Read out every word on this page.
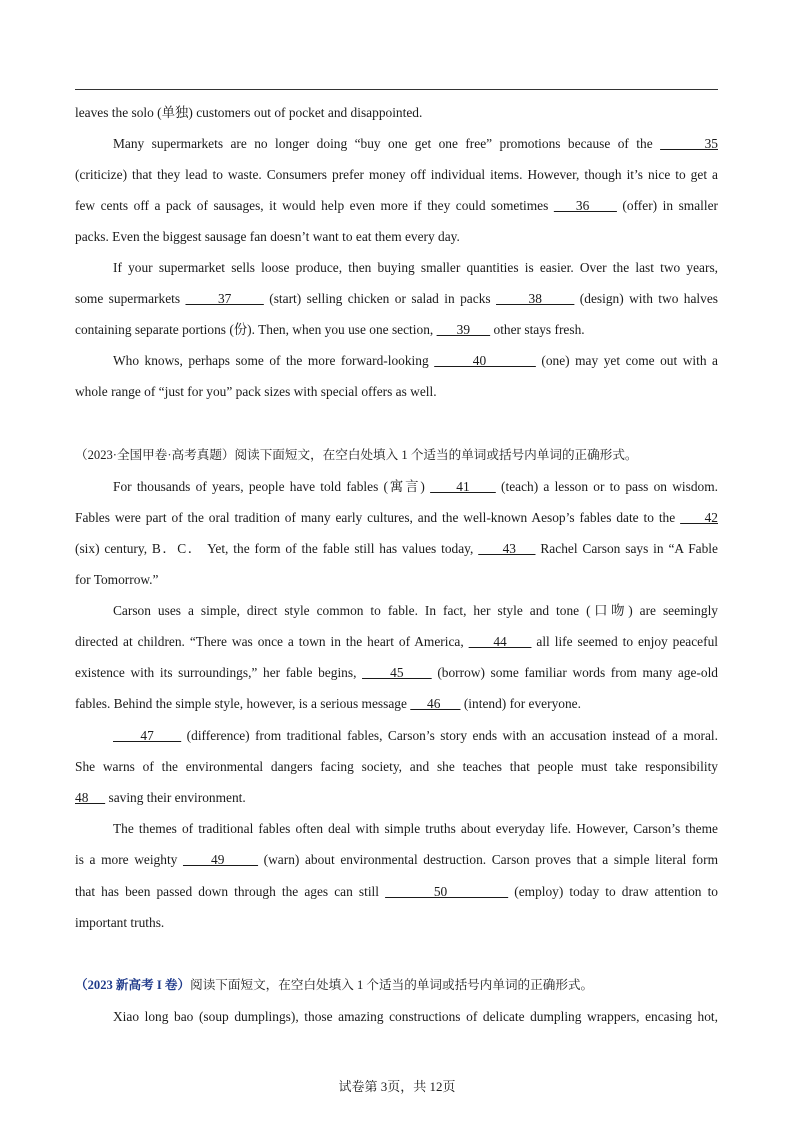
leaves the solo (单独) customers out of pocket and disappointed.
Many supermarkets are no longer doing “buy one get one free” promotions because of the       35
(criticize) that they lead to waste. Consumers prefer money off individual items. However, though it’s nice to get a
few cents off a pack of sausages, it would help even more if they could sometimes     36      (offer) in smaller
packs. Even the biggest sausage fan doesn’t want to eat them every day.
If your supermarket sells loose produce, then buying smaller quantities is easier. Over the last two years,
some supermarkets       37       (start) selling chicken or salad in packs       38       (design) with two halves
containing separate portions (份). Then, when you use one section,       39       other stays fresh.
Who knows, perhaps some of the more forward-looking        40          (one) may yet come out with a
whole range of “just for you” pack sizes with special offers as well.
（2023·全国甲卷·高考真题）阅读下面短文，在空白处填入 1 个适当的单词或括号内单词的正确形式。
For thousands of years, people have told fables (寓言)      41      (teach) a lesson or to pass on wisdom.
Fables were part of the oral tradition of many early cultures, and the well-known Aesop’s fables date to the      42
(six) century, B．C． Yet, the form of the fable still has values today,      43     Rachel Carson says in “A Fable
for Tomorrow.”
Carson uses a simple, direct style common to fable. In fact, her style and tone (口吻) are seemingly
directed at children. “There was once a town in the heart of America,      44      all life seemed to enjoy peaceful
existence with its surroundings,” her fable begins,      45      (borrow) some familiar words from many age-old
fables. Behind the simple style, however, is a serious message      46       (intend) for everyone.
47      (difference) from traditional fables, Carson’s story ends with an accusation instead of a moral.
She warns of the environmental dangers facing society, and she teaches that people must take responsibility
48      saving their environment.
The themes of traditional fables often deal with simple truths about everyday life. However, Carson’s theme
is a more weighty      49       (warn) about environmental destruction. Carson proves that a simple literal form
that has been passed down through the ages can still         50           (employ) today to draw attention to
important truths.
（2023 新高考 I 卷）阅读下面短文，在空白处填入 1 个适当的单词或括号内单词的正确形式。
Xiao long bao (soup dumplings), those amazing constructions of delicate dumpling wrappers, encasing hot,
试卷第 3页，共 12页
